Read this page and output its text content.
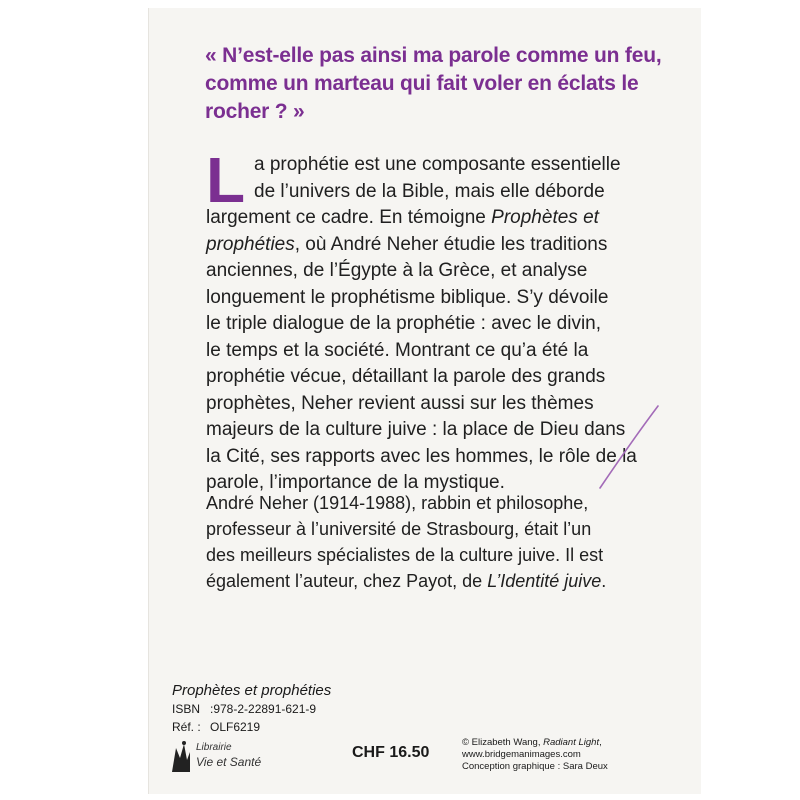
« N’est-elle pas ainsi ma parole comme un feu,
comme un marteau qui fait voler en éclats le
rocher ? »
L a prophétie est une composante essentielle
de l’univers de la Bible, mais elle déborde
largement ce cadre. En témoigne Prophètes et
prophéties, où André Neher étudie les traditions
anciennes, de l’Égypte à la Grèce, et analyse
longuement le prophétisme biblique. S’y dévoile
le triple dialogue de la prophétie : avec le divin,
le temps et la société. Montrant ce qu’a été la
prophétie vécue, détaillant la parole des grands
prophètes, Neher revient aussi sur les thèmes
majeurs de la culture juive : la place de Dieu dans
la Cité, ses rapports avec les hommes, le rôle de la
parole, l’importance de la mystique.
André Neher (1914-1988), rabbin et philosophe,
professeur à l’université de Strasbourg, était l’un
des meilleurs spécialistes de la culture juive. Il est
également l’auteur, chez Payot, de L’Identité juive.
Prophètes et prophéties
ISBN :978-2-22891-621-9
Réf. : OLF6219
Librairie
Vie et Santé
CHF 16.50
© Elizabeth Wang, Radiant Light,
www.bridgemanimages.com
Conception graphique : Sara Deux
